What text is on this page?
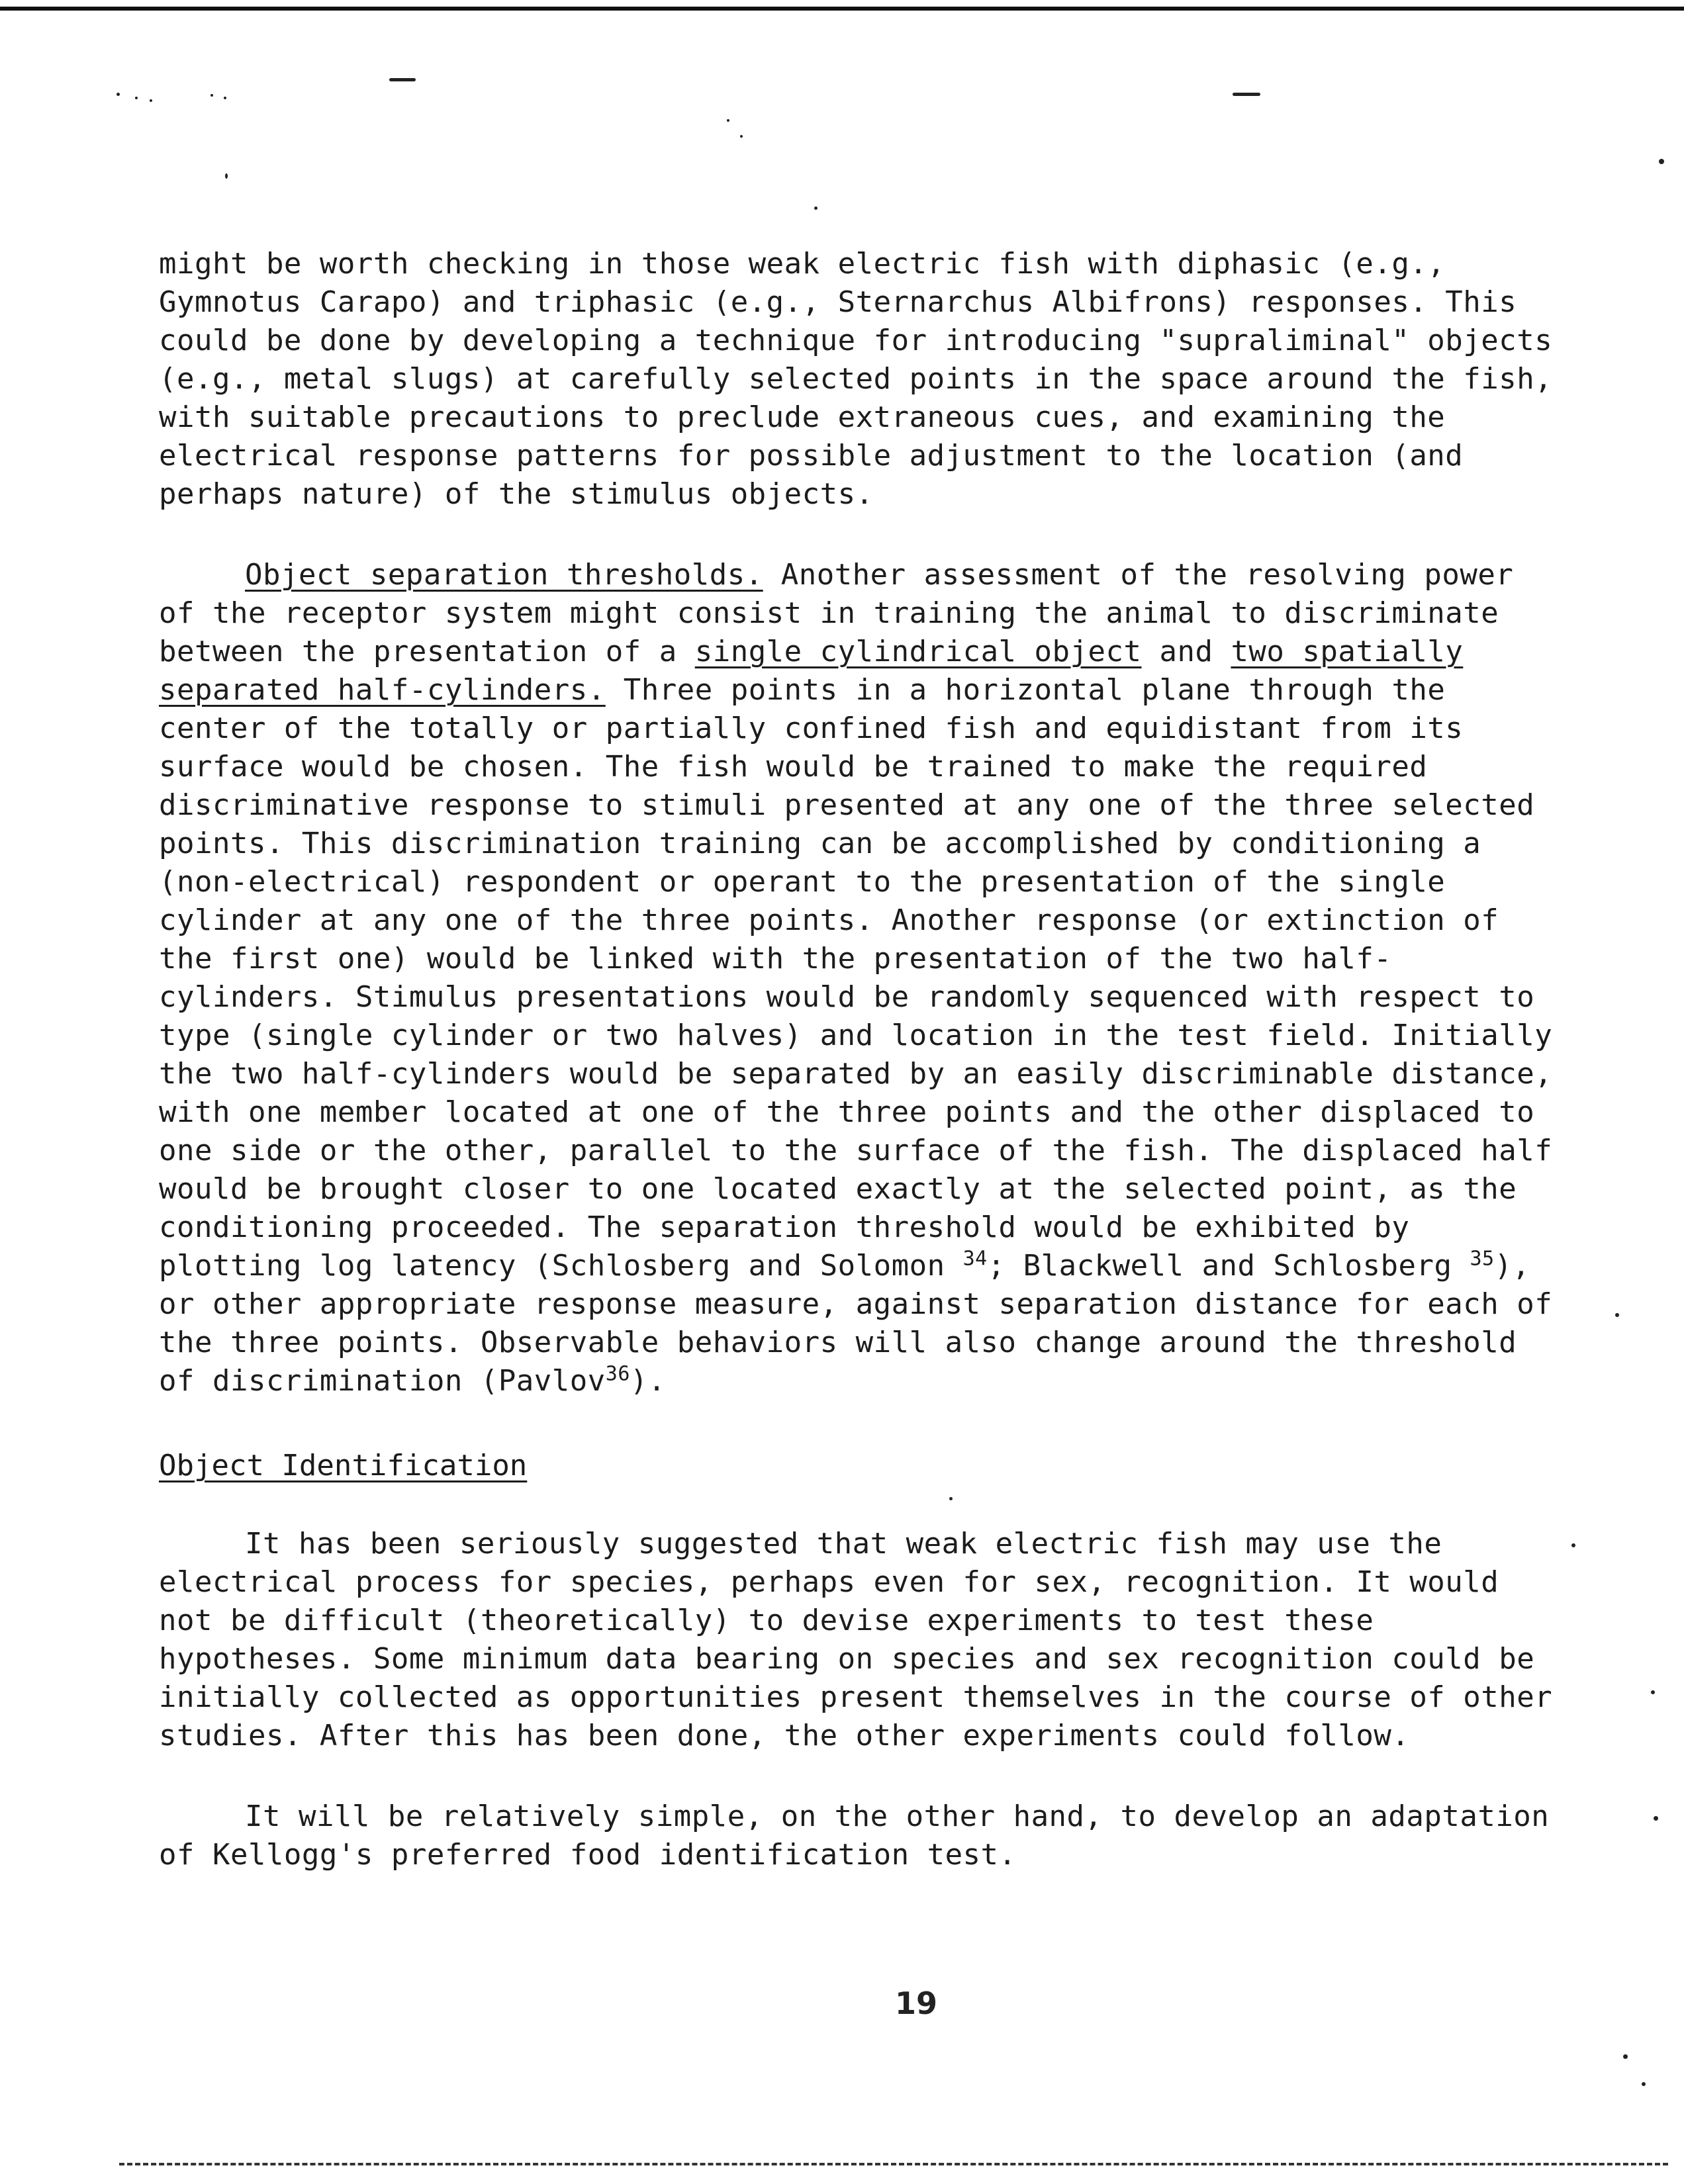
might be worth checking in those weak electric fish with diphasic (e.g., Gymnotus Carapo) and triphasic (e.g., Sternarchus Albifrons) responses. This could be done by developing a technique for introducing "supraliminal" objects (e.g., metal slugs) at carefully selected points in the space around the fish, with suitable precautions to preclude extraneous cues, and examining the electrical response patterns for possible adjustment to the location (and perhaps nature) of the stimulus objects.

Object separation thresholds. Another assessment of the resolving power of the receptor system might consist in training the animal to discriminate between the presentation of a single cylindrical object and two spatially separated half-cylinders. Three points in a horizontal plane through the center of the totally or partially confined fish and equidistant from its surface would be chosen. The fish would be trained to make the required discriminative response to stimuli presented at any one of the three selected points. This discrimination training can be accomplished by conditioning a (non-electrical) respondent or operant to the presentation of the single cylinder at any one of the three points. Another response (or extinction of the first one) would be linked with the presentation of the two half-cylinders. Stimulus presentations would be randomly sequenced with respect to type (single cylinder or two halves) and location in the test field. Initially the two half-cylinders would be separated by an easily discriminable distance, with one member located at one of the three points and the other displaced to one side or the other, parallel to the surface of the fish. The displaced half would be brought closer to one located exactly at the selected point, as the conditioning proceeded. The separation threshold would be exhibited by plotting log latency (Schlosberg and Solomon $^{34}$; Blackwell and Schlosberg $^{35}$), or other appropriate response measure, against separation distance for each of the three points. Observable behaviors will also change around the threshold of discrimination (Pavlov$^{36}$).

Object Identification

It has been seriously suggested that weak electric fish may use the electrical process for species, perhaps even for sex, recognition. It would not be difficult (theoretically) to devise experiments to test these hypotheses. Some minimum data bearing on species and sex recognition could be initially collected as opportunities present themselves in the course of other studies. After this has been done, the other experiments could follow.

It will be relatively simple, on the other hand, to develop an adaptation of Kellogg's preferred food identification test.

19
